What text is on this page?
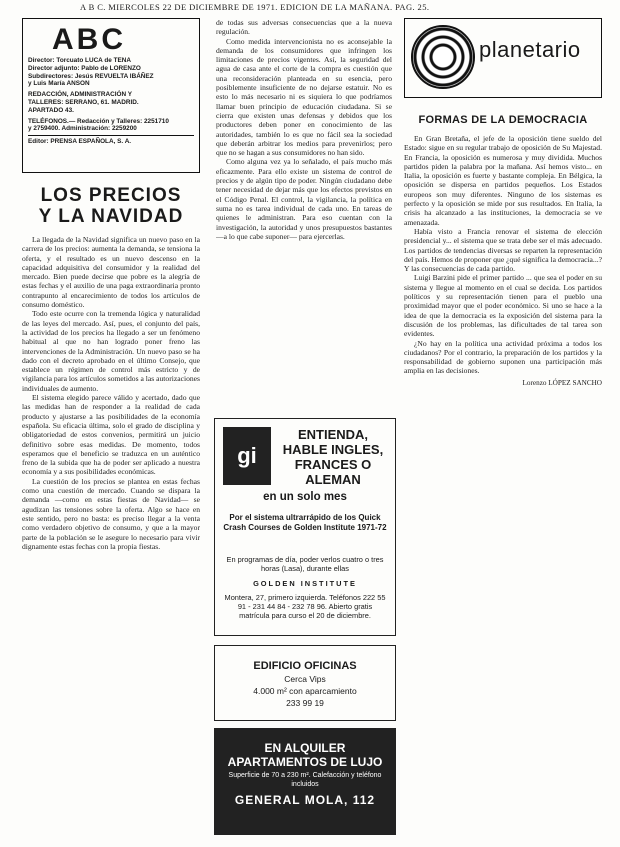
A B C. MIERCOLES 22 DE DICIEMBRE DE 1971. EDICION DE LA MAÑANA. PAG. 25.
ABC

Director: Torcuato LUCA de TENA

Director adjunto: Pablo de LORENZO

Subdirectores: Jesús REVUELTA IBÁÑEZ

y Luis María ANSON

REDACCIÓN, ADMINISTRACIÓN Y

TALLERES: SERRANO, 61. MADRID.

APARTADO 43.

TELÉFONOS.— Redacción y Talleres: 2251710

y 2759400. Administración: 2259200

Editor: PRENSA ESPAÑOLA, S. A.

LOS PRECIOS
Y LA NAVIDAD

La llegada de la Navidad significa un nuevo paso en la carrera de los precios: aumenta la demanda, se tensiona la oferta, y el resultado es un nuevo descenso en la capacidad adquisitiva del consumidor y la realidad del mercado. Bien puede decirse que pobre es la alegría de estas fechas y el auxilio de una paga extraordinaria pronto contrapunto al encarecimiento de todos los artículos de consumo doméstico.

Todo este ocurre con la tremenda lógica y naturalidad de las leyes del mercado. Así, pues, el conjunto del país, la actividad de los precios ha llegado a ser un fenómeno habitual al que no han logrado poner freno las intervenciones de la Administración. Un nuevo paso se ha dado con el decreto aprobado en el último Consejo, que establece un régimen de control más estricto y de vigilancia para los artículos sometidos a las autorizaciones individuales de aumento.

El sistema elegido parece válido y acertado, dado que las medidas han de responder a la realidad de cada producto y ajustarse a las posibilidades de la economía española. Su eficacia última, solo el grado de disciplina y obligatoriedad de estos convenios, permitirá un juicio definitivo sobre esas medidas. De momento, todos esperamos que el beneficio se traduzca en un auténtico freno de la subida que ha de poder ser aplicado a nuestra economía y a sus posibilidades económicas.

La cuestión de los precios se plantea en estas fechas como una cuestión de mercado. Cuando se dispara la demanda —como en estas fiestas de Navidad— se agudizan las tensiones sobre la oferta. Algo se hace en este sentido, pero no basta: es preciso llegar a la venta como verdadero objetivo de consumo, y que a la mayor parte de la población se le asegure lo necesario para vivir dignamente estas fechas con la propia fiestas.

de todas sus adversas consecuencias que a la nueva regulación.

Como medida intervencionista no es aconsejable la demanda de los consumidores que infringen los limitaciones de precios vigentes. Así, la seguridad del agua de casa ante el corte de la compra es cuestión que una reconsideración planteada en su esencia, pero posiblemente insuficiente de no dejarse estatuir. No es esto lo más necesario ni es siquiera lo que podríamos llamar buen principio de educación ciudadana. Si se cierra que existen unas defensas y debidos que los productores deben poner en conocimiento de las autoridades, también lo es que no fácil sea la sociedad que deberán arbitrar los medios para prevenirlos; pero que no se hagan a sus consumidores no han sido.

Como alguna vez ya lo señalado, el país mucho más eficazmente. Para ello existe un sistema de control de precios y de algún tipo de poder. Ningún ciudadano debe tener necesidad de dejar más que los efectos previstos en el Código Penal. El control, la vigilancia, la política en suma no es tarea individual de cada uno. En tareas de quienes le administran. Para eso cuentan con la investigación, la autoridad y unos presupuestos bastantes —a lo que cabe suponer— para ejercerlas.

gi
ENTIENDA, HABLE INGLES, FRANCES O ALEMAN
en un solo mes
Por el sistema ultrarrápido de los Quick Crash Courses de Golden Institute 1971-72
En programas de día, poder verlos cuatro o tres horas (Lasa), durante ellas
GOLDEN INSTITUTE
Montera, 27, primero izquierda. Teléfonos 222 55 91 - 231 44 84 - 232 78 96. Abierto gratis matrícula para curso el 20 de diciembre.
EDIFICIO OFICINAS
Cerca Vips
4.000 m² con aparcamiento
233 99 19
EN ALQUILER
APARTAMENTOS DE LUJO
Superficie de 70 a 230 m². Calefacción y teléfono incluidos
GENERAL MOLA, 112
planetario
FORMAS DE LA DEMOCRACIA

En Gran Bretaña, el jefe de la oposición tiene sueldo del Estado: sigue en su regular trabajo de oposición de Su Majestad. En Francia, la oposición es numerosa y muy dividida. Muchos partidos piden la palabra por la mañana. Así hemos visto... en Italia, la oposición es fuerte y bastante compleja. En Bélgica, la oposición se dispersa en partidos pequeños. Los Estados europeos son muy diferentes. Ninguno de los sistemas es perfecto y la oposición se mide por sus resultados. En Italia, la crisis ha alcanzado a las instituciones, la democracia se ve amenazada.

Había visto a Francia renovar el sistema de elección presidencial y... el sistema que se trata debe ser el más adecuado. Los partidos de tendencias diversas se reparten la representación del país. Hemos de proponer que ¿qué significa la democracia...? Y las consecuencias de cada partido.

Luigi Barzini pide el primer partido ... que sea el poder en su sistema y llegue al momento en el cual se decida. Los partidos políticos y su representación tienen para el pueblo una proximidad mayor que el poder económico. Si uno se hace a la idea de que la democracia es la exposición del sistema para la discusión de los problemas, las dificultades de tal tarea son evidentes.

¿No hay en la política una actividad próxima a todos los ciudadanos? Por el contrario, la preparación de los partidos y la responsabilidad de gobierno suponen una participación más amplia en las decisiones.

Lorenzo LÓPEZ SANCHO
